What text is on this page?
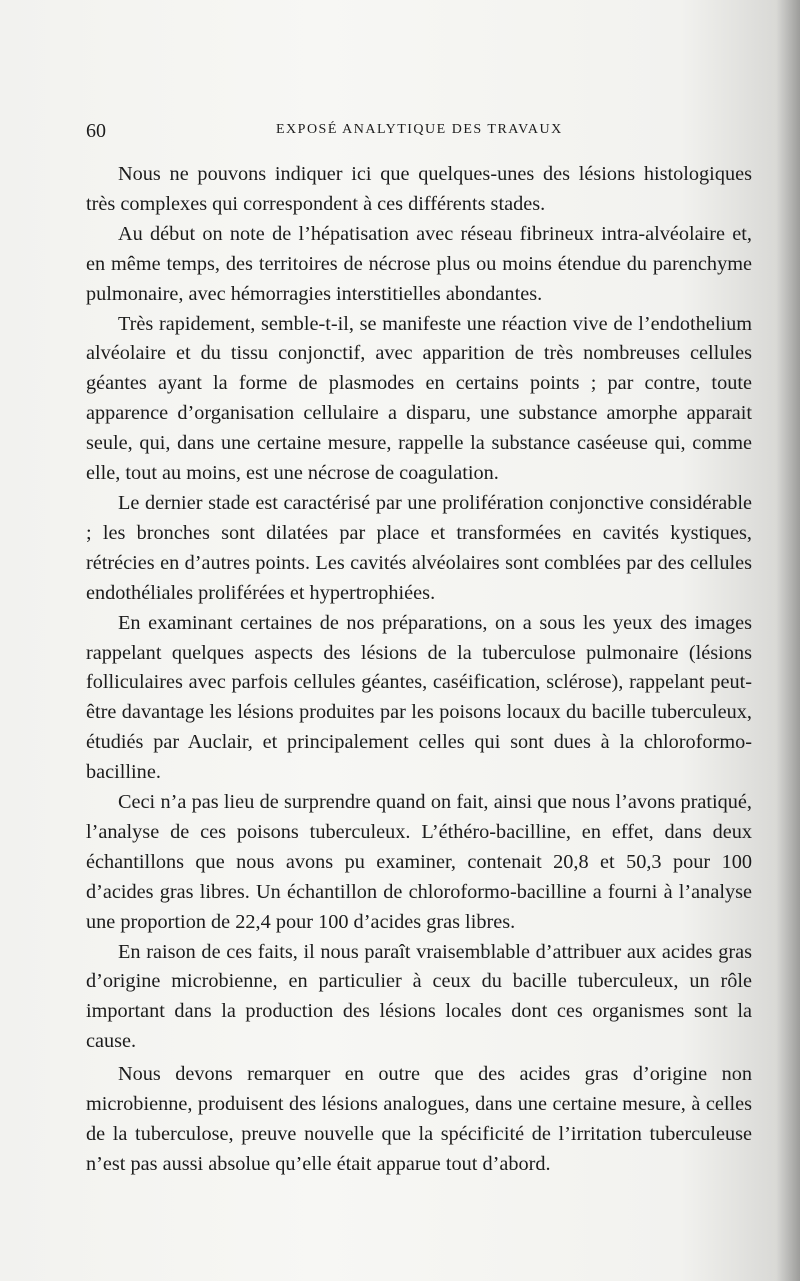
60	EXPOSÉ ANALYTIQUE DES TRAVAUX

Nous ne pouvons indiquer ici que quelques-unes des lésions histologiques très complexes qui correspondent à ces différents stades.

Au début on note de l’hépatisation avec réseau fibrineux intra-alvéolaire et, en même temps, des territoires de nécrose plus ou moins étendue du parenchyme pulmonaire, avec hémorragies interstitielles abondantes.

Très rapidement, semble-t-il, se manifeste une réaction vive de l’endothelium alvéolaire et du tissu conjonctif, avec apparition de très nombreuses cellules géantes ayant la forme de plasmodes en certains points ; par contre, toute apparence d’organisation cellulaire a disparu, une substance amorphe apparait seule, qui, dans une certaine mesure, rappelle la substance caséeuse qui, comme elle, tout au moins, est une nécrose de coagulation.

Le dernier stade est caractérisé par une prolifération conjonctive considérable ; les bronches sont dilatées par place et transformées en cavités kystiques, rétrécies en d’autres points. Les cavités alvéolaires sont comblées par des cellules endothéliales proliférées et hypertrophiées.

En examinant certaines de nos préparations, on a sous les yeux des images rappelant quelques aspects des lésions de la tuberculose pulmonaire (lésions folliculaires avec parfois cellules géantes, caséification, sclérose), rappelant peut-être davantage les lésions produites par les poisons locaux du bacille tuberculeux, étudiés par Auclair, et principalement celles qui sont dues à la chloroformo-bacilline.

Ceci n’a pas lieu de surprendre quand on fait, ainsi que nous l’avons pratiqué, l’analyse de ces poisons tuberculeux. L’éthéro-bacilline, en effet, dans deux échantillons que nous avons pu examiner, contenait 20,8 et 50,3 pour 100 d’acides gras libres. Un échantillon de chloroformo-bacilline a fourni à l’analyse une proportion de 22,4 pour 100 d’acides gras libres.

En raison de ces faits, il nous paraît vraisemblable d’attribuer aux acides gras d’origine microbienne, en particulier à ceux du bacille tuberculeux, un rôle important dans la production des lésions locales dont ces organismes sont la cause.

Nous devons remarquer en outre que des acides gras d’origine non microbienne, produisent des lésions analogues, dans une certaine mesure, à celles de la tuberculose, preuve nouvelle que la spécificité de l’irritation tuberculeuse n’est pas aussi absolue qu’elle était apparue tout d’abord.
